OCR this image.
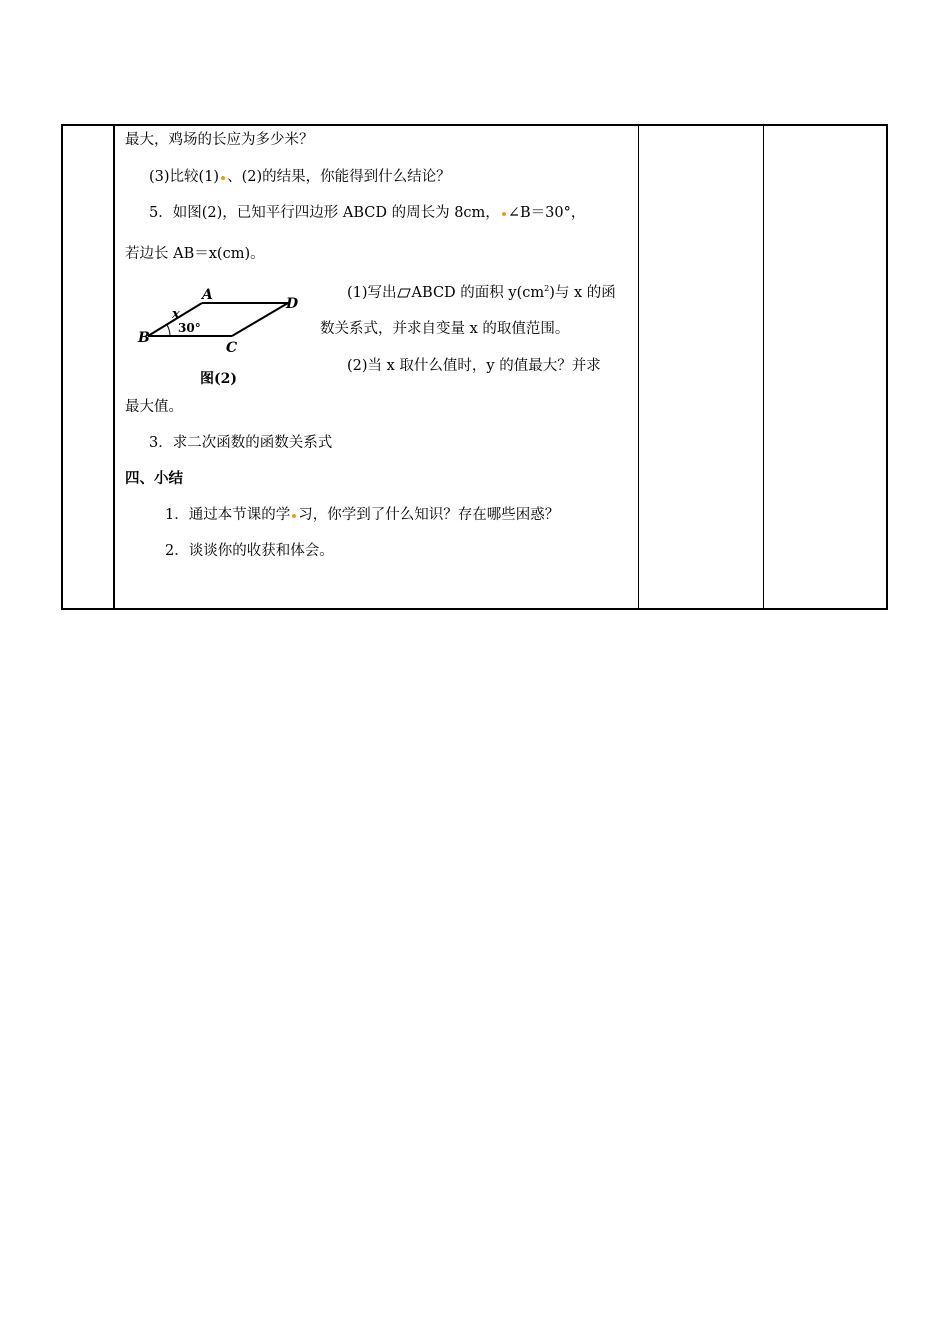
最大，鸡场的长应为多少米？
(3)比较(1) 、(2)的结果，你能得到什么结论？
5．如图(2)，已知平行四边形 ABCD 的周长为 8cm， ∠B＝30°，
若边长 AB＝x(cm)。
(1)写出 ABCD 的面积 $y(cm^2)$与 x 的函
数关系式，并求自变量 x 的取值范围。
(2)当 x 取什么值时，y 的值最大？并求
最大值。
3．求二次函数的函数关系式
四、小结
1．通过本节课的学 习，你学到了什么知识？存在哪些困惑？
2．谈谈你的收获和体会。
A
B
C
D
x
30°
图(2)
